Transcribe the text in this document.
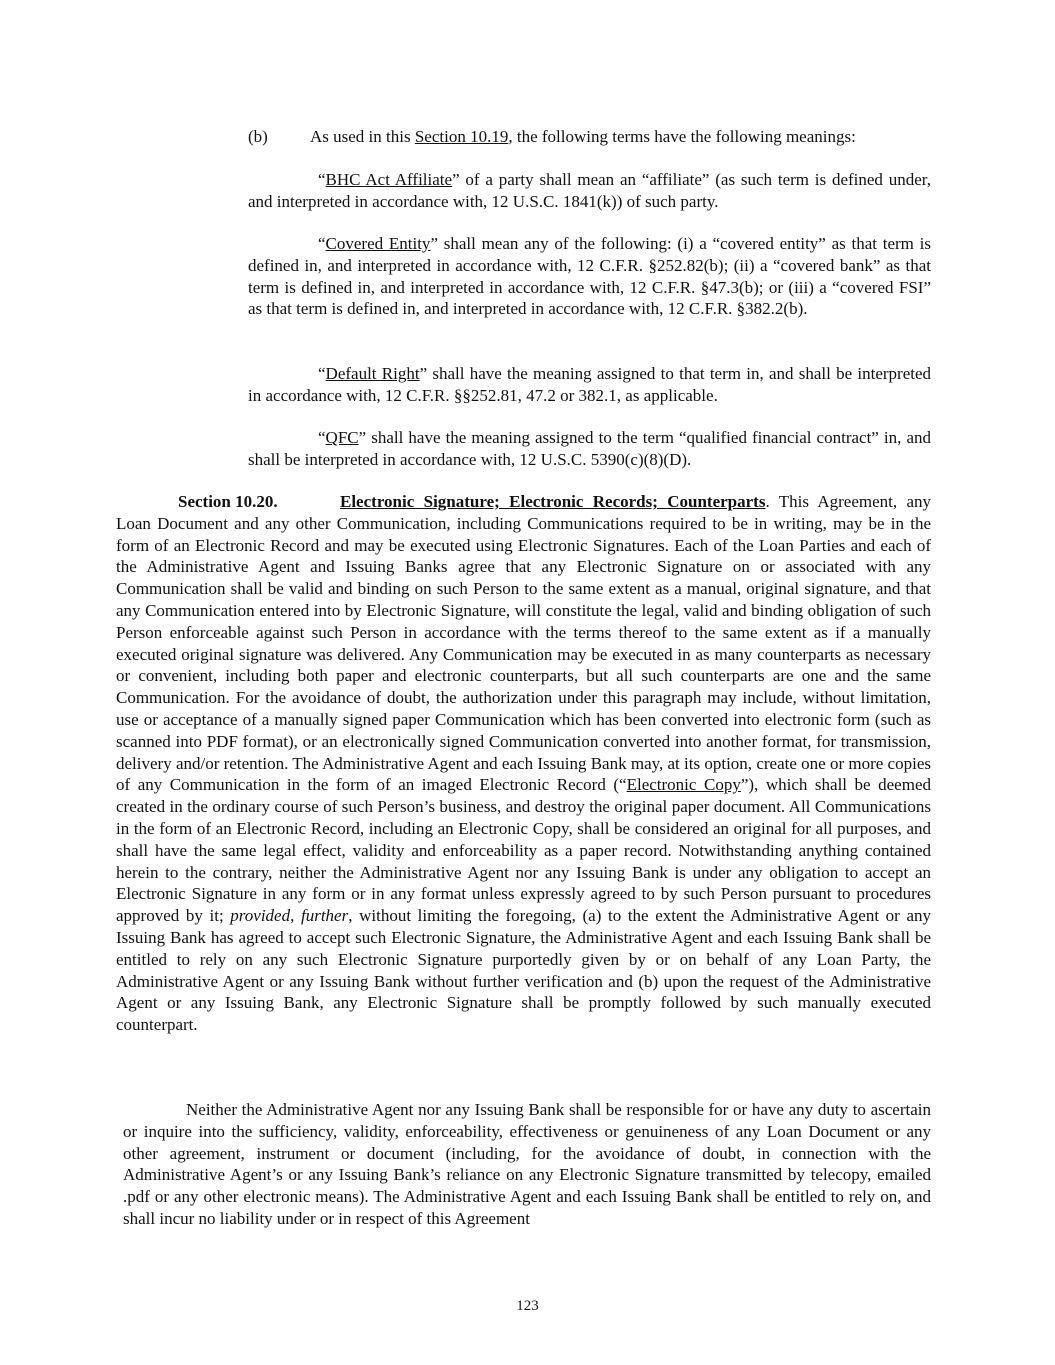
(b) As used in this Section 10.19, the following terms have the following meanings:

“BHC Act Affiliate” of a party shall mean an “affiliate” (as such term is defined under, and interpreted in accordance with, 12 U.S.C. 1841(k)) of such party.

“Covered Entity” shall mean any of the following: (i) a “covered entity” as that term is defined in, and interpreted in accordance with, 12 C.F.R. §252.82(b); (ii) a “covered bank” as that term is defined in, and interpreted in accordance with, 12 C.F.R. §47.3(b); or (iii) a “covered FSI” as that term is defined in, and interpreted in accordance with, 12 C.F.R. §382.2(b).

“Default Right” shall have the meaning assigned to that term in, and shall be interpreted in accordance with, 12 C.F.R. §§252.81, 47.2 or 382.1, as applicable.

“QFC” shall have the meaning assigned to the term “qualified financial contract” in, and shall be interpreted in accordance with, 12 U.S.C. 5390(c)(8)(D).

Section 10.20.	Electronic Signature; Electronic Records; Counterparts. This Agreement, any Loan Document and any other Communication, including Communications required to be in writing, may be in the form of an Electronic Record and may be executed using Electronic Signatures. Each of the Loan Parties and each of the Administrative Agent and Issuing Banks agree that any Electronic Signature on or associated with any Communication shall be valid and binding on such Person to the same extent as a manual, original signature, and that any Communication entered into by Electronic Signature, will constitute the legal, valid and binding obligation of such Person enforceable against such Person in accordance with the terms thereof to the same extent as if a manually executed original signature was delivered. Any Communication may be executed in as many counterparts as necessary or convenient, including both paper and electronic counterparts, but all such counterparts are one and the same Communication. For the avoidance of doubt, the authorization under this paragraph may include, without limitation, use or acceptance of a manually signed paper Communication which has been converted into electronic form (such as scanned into PDF format), or an electronically signed Communication converted into another format, for transmission, delivery and/or retention. The Administrative Agent and each Issuing Bank may, at its option, create one or more copies of any Communication in the form of an imaged Electronic Record (“Electronic Copy”), which shall be deemed created in the ordinary course of such Person’s business, and destroy the original paper document. All Communications in the form of an Electronic Record, including an Electronic Copy, shall be considered an original for all purposes, and shall have the same legal effect, validity and enforceability as a paper record. Notwithstanding anything contained herein to the contrary, neither the Administrative Agent nor any Issuing Bank is under any obligation to accept an Electronic Signature in any form or in any format unless expressly agreed to by such Person pursuant to procedures approved by it; provided, further, without limiting the foregoing, (a) to the extent the Administrative Agent or any Issuing Bank has agreed to accept such Electronic Signature, the Administrative Agent and each Issuing Bank shall be entitled to rely on any such Electronic Signature purportedly given by or on behalf of any Loan Party, the Administrative Agent or any Issuing Bank without further verification and (b) upon the request of the Administrative Agent or any Issuing Bank, any Electronic Signature shall be promptly followed by such manually executed counterpart.

Neither the Administrative Agent nor any Issuing Bank shall be responsible for or have any duty to ascertain or inquire into the sufficiency, validity, enforceability, effectiveness or genuineness of any Loan Document or any other agreement, instrument or document (including, for the avoidance of doubt, in connection with the Administrative Agent’s or any Issuing Bank’s reliance on any Electronic Signature transmitted by telecopy, emailed .pdf or any other electronic means). The Administrative Agent and each Issuing Bank shall be entitled to rely on, and shall incur no liability under or in respect of this Agreement

123
